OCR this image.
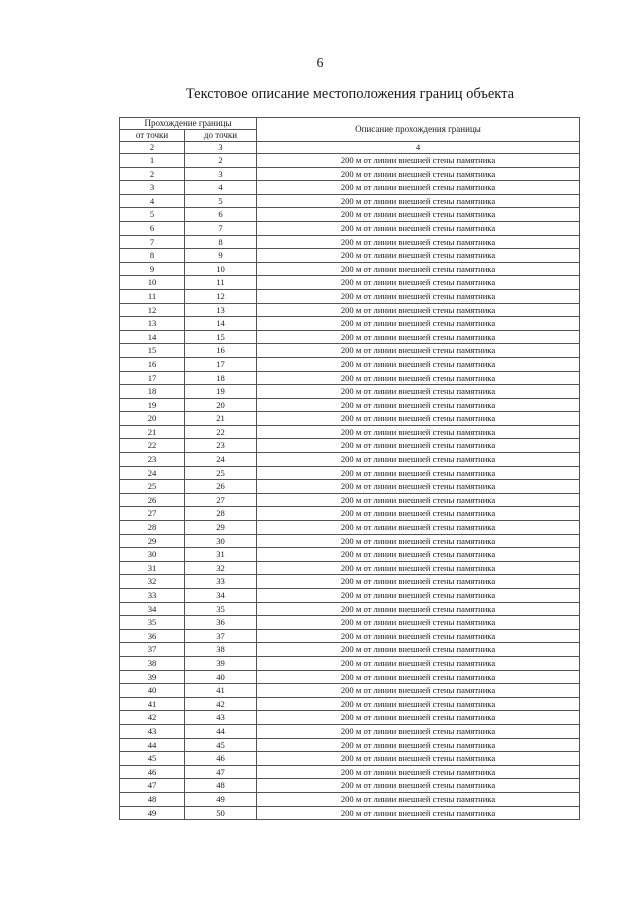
6
Текстовое описание местоположения границ объекта
Прохождение границы		Описание прохождения границы
от точки	до точки	
2	3	4
1	2	200 м от линии внешней стены памятника
2	3	200 м от линии внешней стены памятника
3	4	200 м от линии внешней стены памятника
4	5	200 м от линии внешней стены памятника
5	6	200 м от линии внешней стены памятника
6	7	200 м от линии внешней стены памятника
7	8	200 м от линии внешней стены памятника
8	9	200 м от линии внешней стены памятника
9	10	200 м от линии внешней стены памятника
10	11	200 м от линии внешней стены памятника
11	12	200 м от линии внешней стены памятника
12	13	200 м от линии внешней стены памятника
13	14	200 м от линии внешней стены памятника
14	15	200 м от линии внешней стены памятника
15	16	200 м от линии внешней стены памятника
16	17	200 м от линии внешней стены памятника
17	18	200 м от линии внешней стены памятника
18	19	200 м от линии внешней стены памятника
19	20	200 м от линии внешней стены памятника
20	21	200 м от линии внешней стены памятника
21	22	200 м от линии внешней стены памятника
22	23	200 м от линии внешней стены памятника
23	24	200 м от линии внешней стены памятника
24	25	200 м от линии внешней стены памятника
25	26	200 м от линии внешней стены памятника
26	27	200 м от линии внешней стены памятника
27	28	200 м от линии внешней стены памятника
28	29	200 м от линии внешней стены памятника
29	30	200 м от линии внешней стены памятника
30	31	200 м от линии внешней стены памятника
31	32	200 м от линии внешней стены памятника
32	33	200 м от линии внешней стены памятника
33	34	200 м от линии внешней стены памятника
34	35	200 м от линии внешней стены памятника
35	36	200 м от линии внешней стены памятника
36	37	200 м от линии внешней стены памятника
37	38	200 м от линии внешней стены памятника
38	39	200 м от линии внешней стены памятника
39	40	200 м от линии внешней стены памятника
40	41	200 м от линии внешней стены памятника
41	42	200 м от линии внешней стены памятника
42	43	200 м от линии внешней стены памятника
43	44	200 м от линии внешней стены памятника
44	45	200 м от линии внешней стены памятника
45	46	200 м от линии внешней стены памятника
46	47	200 м от линии внешней стены памятника
47	48	200 м от линии внешней стены памятника
48	49	200 м от линии внешней стены памятника
49	50	200 м от линии внешней стены памятника
